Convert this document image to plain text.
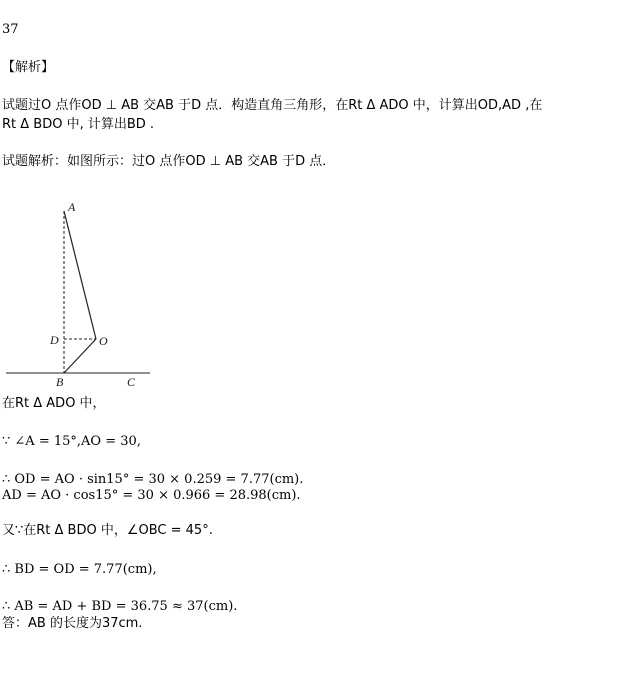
37
【解析】
试题过O 点作OD ⊥ AB 交AB 于D 点．构造直角三角形，在Rt Δ ADO 中，计算出OD,AD ,在
Rt Δ BDO 中, 计算出BD .
试题解析：如图所示：过O 点作OD ⊥ AB 交AB 于D 点．
A
D	O
B	C
在Rt Δ ADO 中，
∵ ∠A = 15°,AO = 30,
∴ OD = AO · sin15° = 30 × 0.259 = 7.77(cm).
AD = AO · cos15° = 30 × 0.966 = 28.98(cm).
又∵在Rt Δ BDO 中，∠OBC = 45°.
∴ BD = OD = 7.77(cm),
∴ AB = AD + BD = 36.75 ≈ 37(cm).
答：AB 的长度为37cm.
